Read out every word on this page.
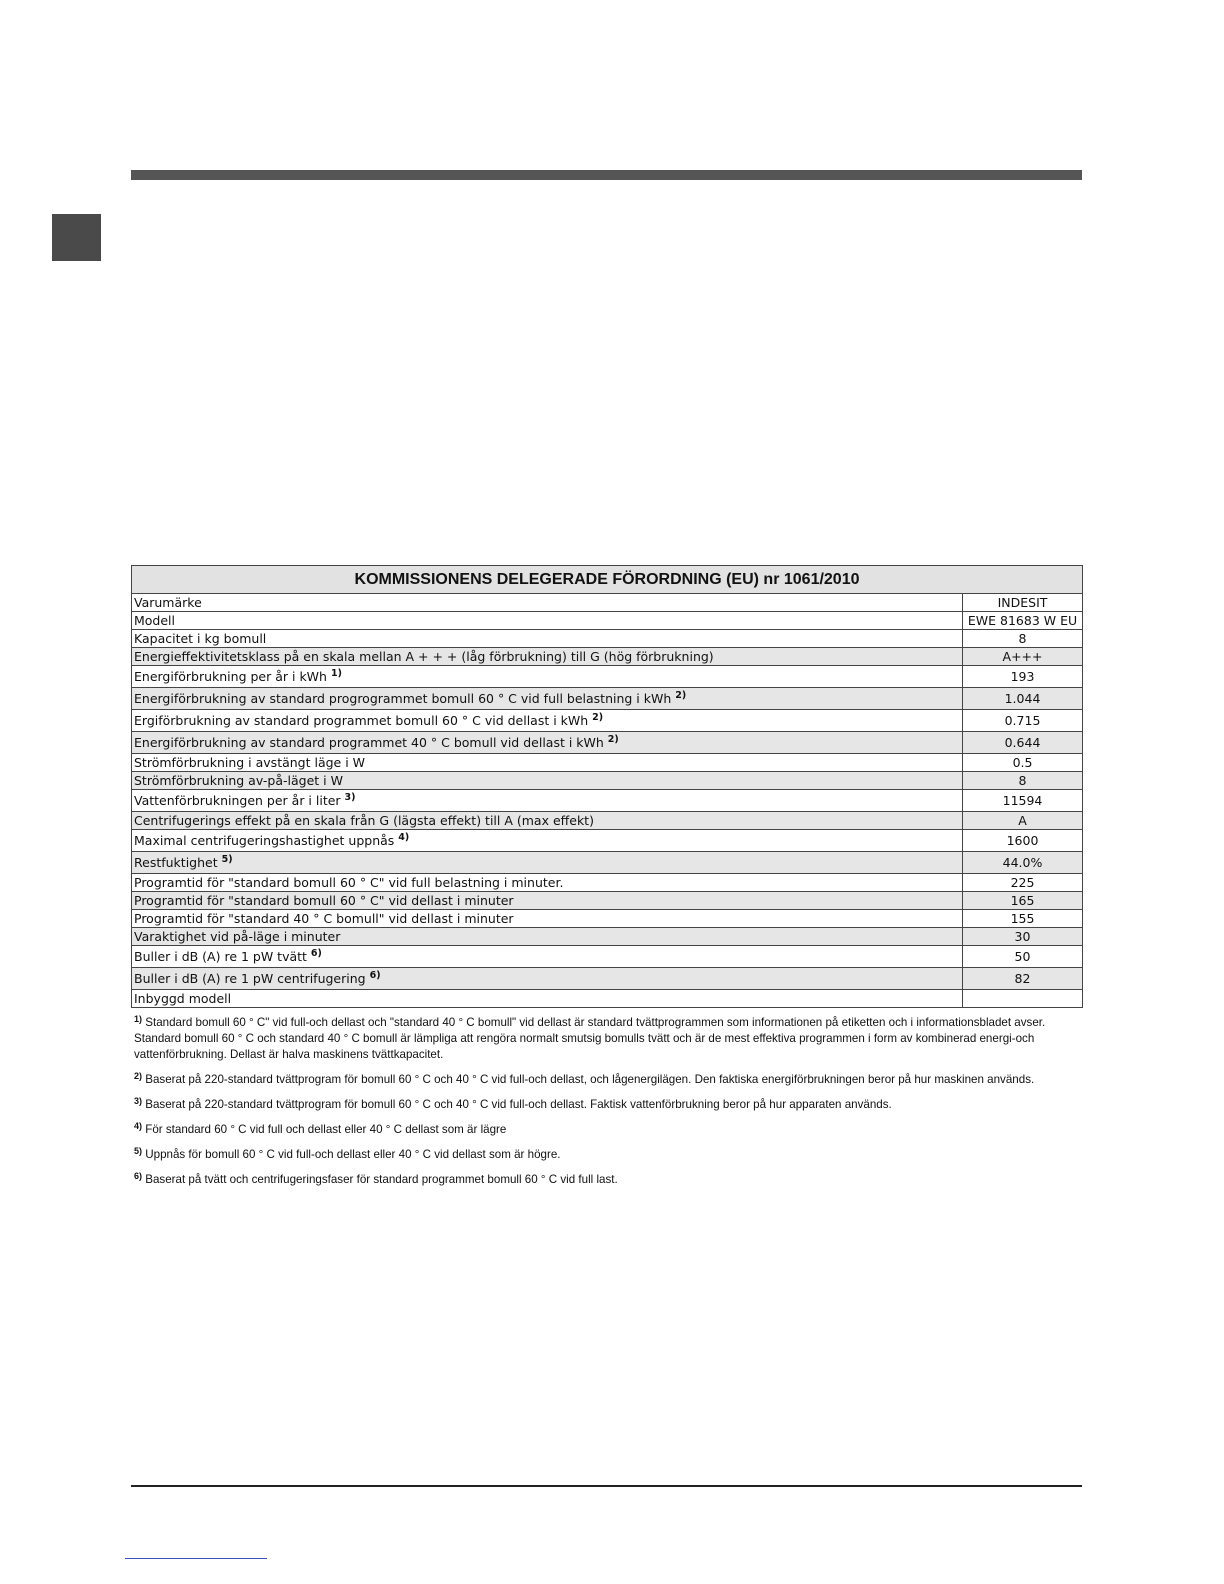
KOMMISSIONENS DELEGERADE FÖRORDNING (EU) nr 1061/2010	
Varumärke	INDESIT
Modell	EWE 81683 W EU
Kapacitet i kg bomull	8
Energieffektivitetsklass på en skala mellan A + + + (låg förbrukning) till G (hög förbrukning)	A+++
Energiförbrukning per år i kWh $^{1)}$	193
Energiförbrukning av standard progrogrammet bomull 60 ° C vid full belastning i kWh $^{2)}$	1.044
Ergiförbrukning av standard programmet bomull 60 ° C vid dellast i kWh $^{2)}$	0.715
Energiförbrukning av standard programmet 40 ° C bomull vid dellast i kWh $^{2)}$	0.644
Strömförbrukning i avstängt läge i W	0.5
Strömförbrukning av-på-läget i W	8
Vattenförbrukningen per år i liter $^{3)}$	11594
Centrifugerings effekt på en skala från G (lägsta effekt) till A (max effekt)	A
Maximal centrifugeringshastighet uppnås $^{4)}$	1600
Restfuktighet $^{5)}$	44.0%
Programtid för "standard bomull 60 ° C" vid full belastning i minuter.	225
Programtid för "standard bomull 60 ° C" vid dellast i minuter	165
Programtid för "standard 40 ° C bomull" vid dellast i minuter	155
Varaktighet vid på-läge i minuter	30
Buller i dB (A) re 1 pW tvätt $^{6)}$	50
Buller i dB (A) re 1 pW centrifugering $^{6)}$	82
Inbyggd modell	

$^{1)}$ Standard bomull 60 ° C" vid full-och dellast och "standard 40 ° C bomull" vid dellast är standard tvättprogrammen som informationen på etiketten och i informationsbladet avser. Standard bomull 60 ° C och standard 40 ° C bomull är lämpliga att rengöra normalt smutsig bomulls tvätt och är de mest effektiva programmen i form av kombinerad energi-och vattenförbrukning. Dellast är halva maskinens tvättkapacitet.

$^{2)}$ Baserat på 220-standard tvättprogram för bomull 60 ° C och 40 ° C vid full-och dellast, och lågenergilägen. Den faktiska energiförbrukningen beror på hur maskinen används.

$^{3)}$ Baserat på 220-standard tvättprogram för bomull 60 ° C och 40 ° C vid full-och dellast. Faktisk vattenförbrukning beror på hur apparaten används.

$^{4)}$ För standard 60 ° C vid full och dellast eller 40 ° C dellast som är lägre

$^{5)}$ Uppnås för bomull 60 ° C vid full-och dellast eller 40 ° C vid dellast som är högre.

$^{6)}$ Baserat på tvätt och centrifugeringsfaser för standard programmet bomull 60 ° C vid full last.
